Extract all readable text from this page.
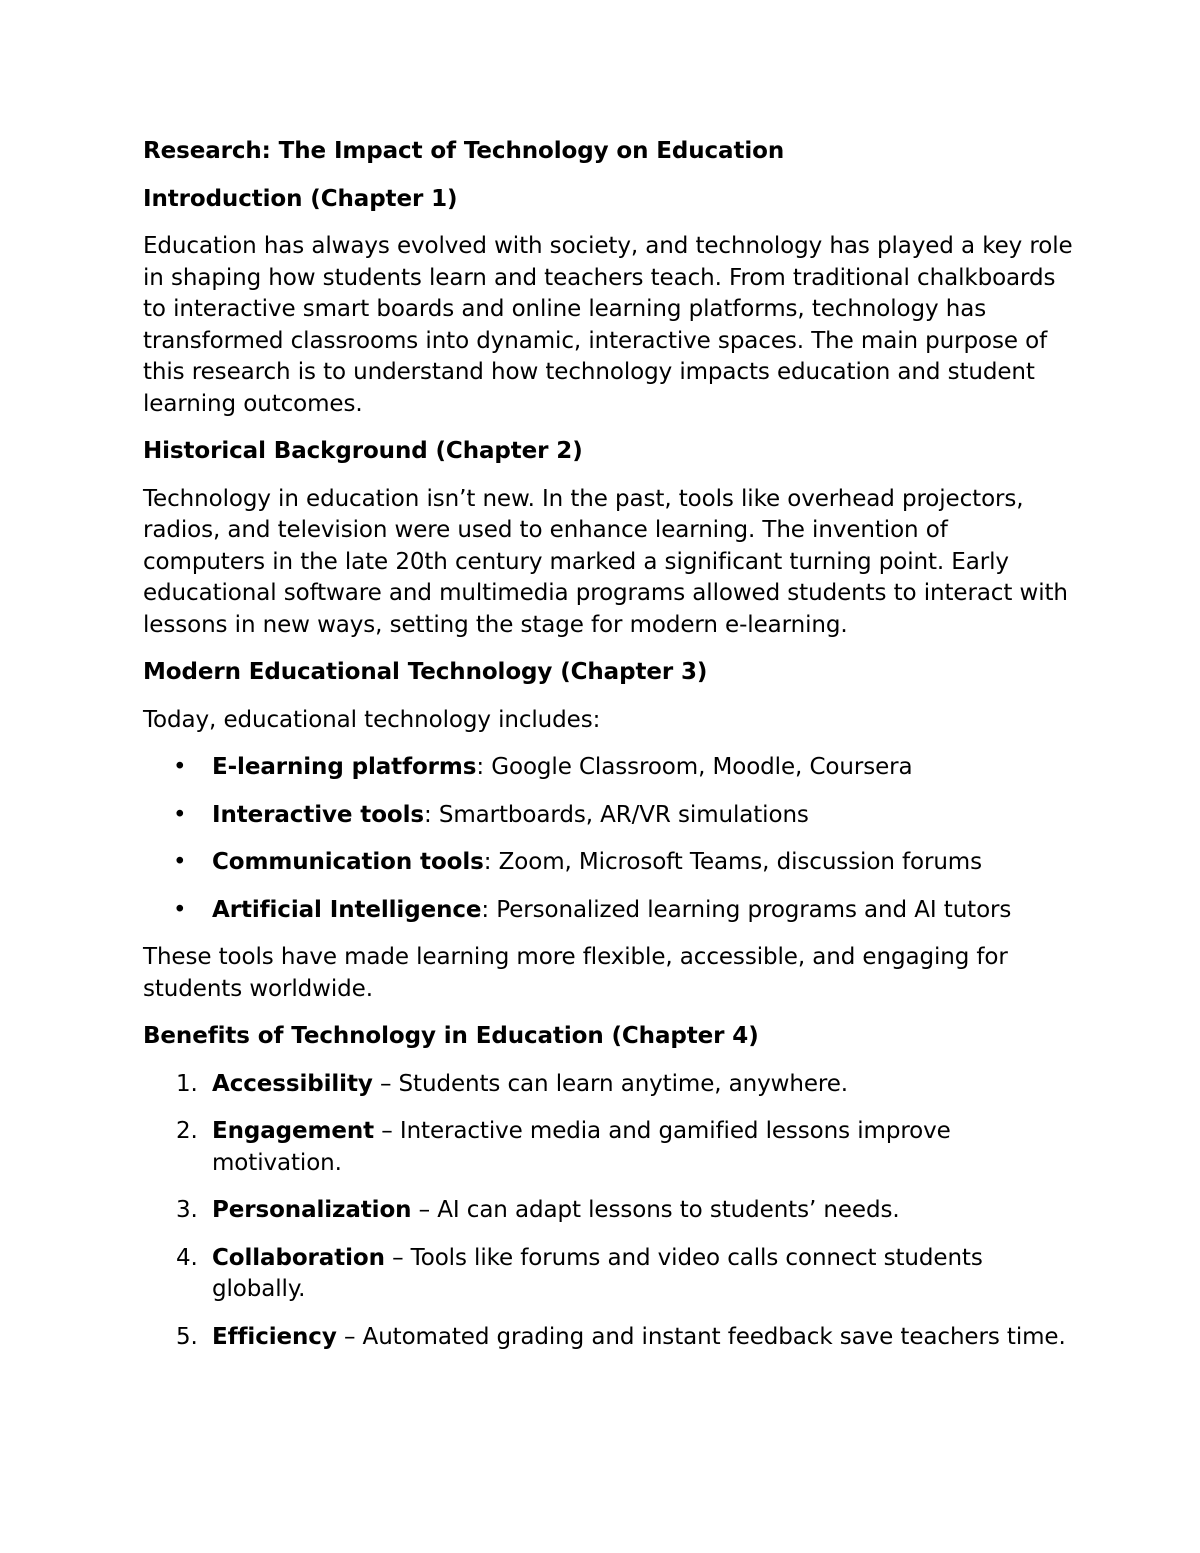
Research: The Impact of Technology on Education
Introduction (Chapter 1)

Education has always evolved with society, and technology has played a key role in shaping how students learn and teachers teach. From traditional chalkboards to interactive smart boards and online learning platforms, technology has transformed classrooms into dynamic, interactive spaces. The main purpose of this research is to understand how technology impacts education and student learning outcomes.

Historical Background (Chapter 2)

Technology in education isn’t new. In the past, tools like overhead projectors, radios, and television were used to enhance learning. The invention of computers in the late 20th century marked a significant turning point. Early educational software and multimedia programs allowed students to interact with lessons in new ways, setting the stage for modern e-learning.

Modern Educational Technology (Chapter 3)

Today, educational technology includes:

• E-learning platforms: Google Classroom, Moodle, Coursera
• Interactive tools: Smartboards, AR/VR simulations
• Communication tools: Zoom, Microsoft Teams, discussion forums
• Artificial Intelligence: Personalized learning programs and AI tutors

These tools have made learning more flexible, accessible, and engaging for students worldwide.

Benefits of Technology in Education (Chapter 4)
1. Accessibility – Students can learn anytime, anywhere.
2. Engagement – Interactive media and gamified lessons improve motivation.
3. Personalization – AI can adapt lessons to students’ needs.
4. Collaboration – Tools like forums and video calls connect students globally.
5. Efficiency – Automated grading and instant feedback save teachers time.
